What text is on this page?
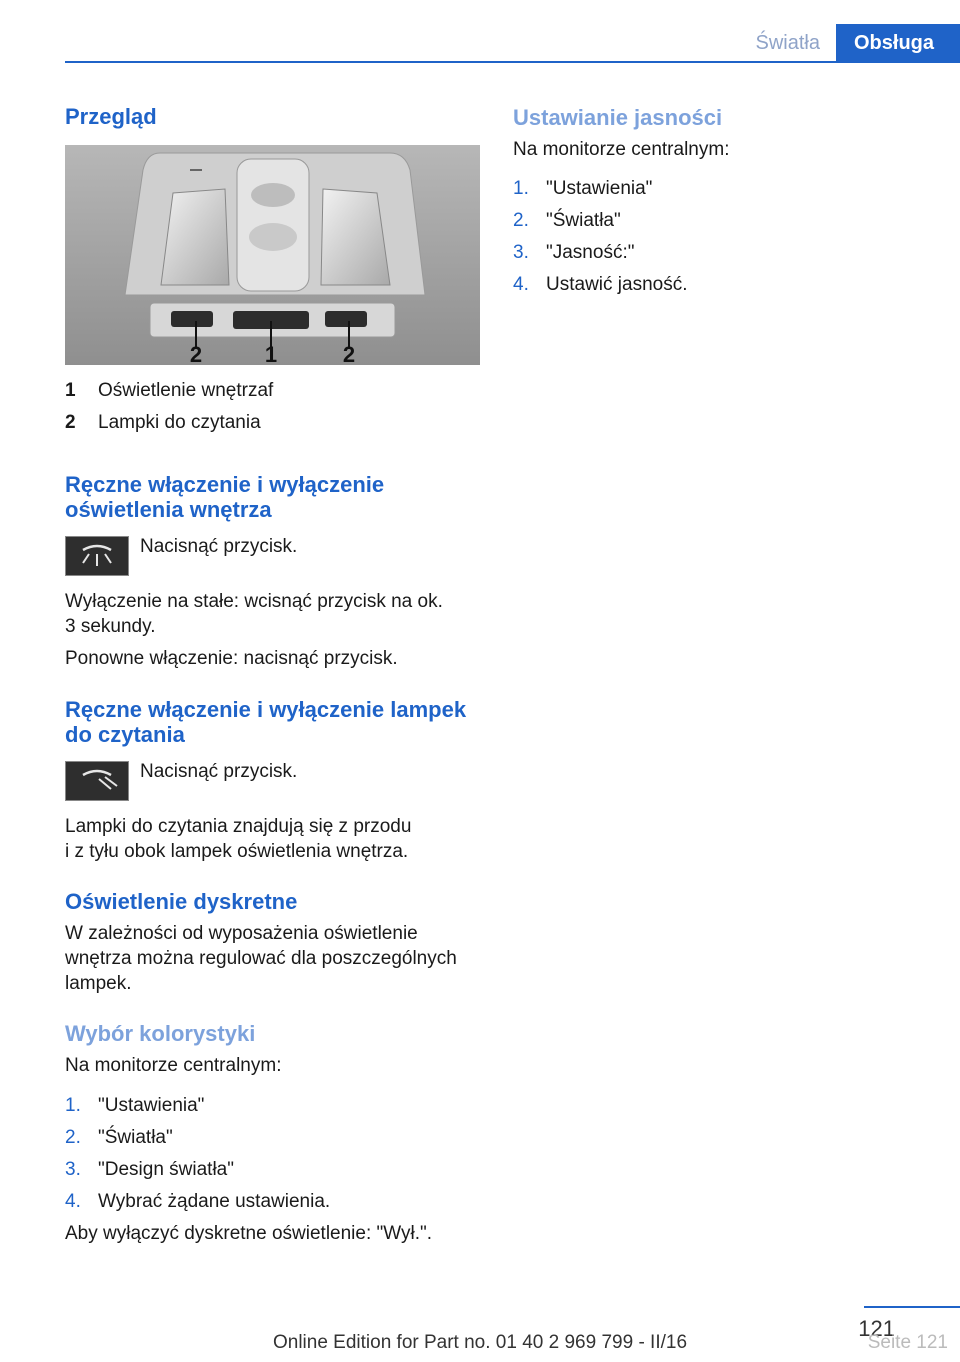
Światła	Obsługa
Przegląd
2	1	2
1 Oświetlenie wnętrzaf
2 Lampki do czytania
Ręczne włączenie i wyłączenie
oświetlenia wnętrza

Nacisnąć przycisk.

Wyłączenie na stałe: wcisnąć przycisk na ok.

3 sekundy.

Ponowne włączenie: nacisnąć przycisk.

Ręczne włączenie i wyłączenie lampek
do czytania

Nacisnąć przycisk.

Lampki do czytania znajdują się z przodu

i z tyłu obok lampek oświetlenia wnętrza.

Oświetlenie dyskretne

W zależności od wyposażenia oświetlenie

wnętrza można regulować dla poszczególnych

lampek.

Wybór kolorystyki

Na monitorze centralnym:

1. "Ustawienia"
2. "Światła"
3. "Design światła"
4. Wybrać żądane ustawienia.

Aby wyłączyć dyskretne oświetlenie: "Wył.".

Ustawianie jasności

Na monitorze centralnym:

1. "Ustawienia"
2. "Światła"
3. "Jasność:"
4. Ustawić jasność.
121
Online Edition for Part no. 01 40 2 969 799 - II/16	Seite 121
